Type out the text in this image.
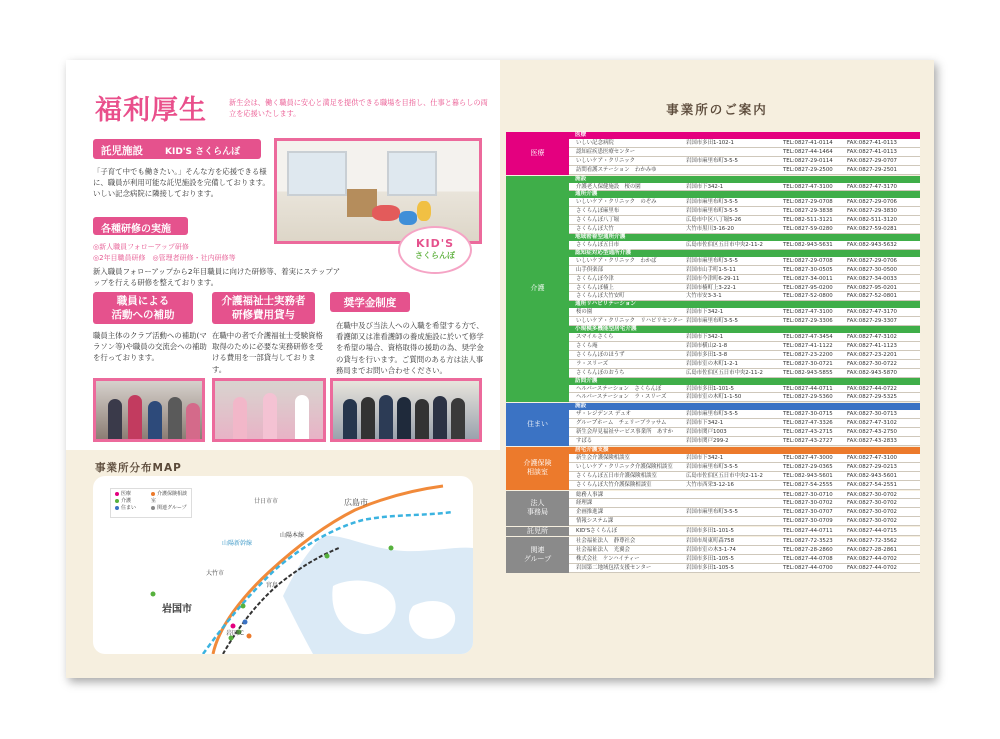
福利厚生	新生会は、働く職員に安心と満足を提供できる職場を目指し、仕事と暮らしの両立を応援いたします。
託児施設 KID'S さくらんぼ
「子育て中でも働きたい。」そんな方を応援できる様に、職員が利用可能な託児施設を完備しております。いしい記念病院に隣接しております。
KID'S
さくらんぼ
各種研修の実施
◎新人職員フォローアップ研修
◎2年目職員研修　◎管理者研修・社内研修等
新入職員フォローアップから2年目職員に向けた研修等、着実にステップアップを行える研修を整えております。
職員による
活動への補助
介護福祉士実務者
研修費用貸与
奨学金制度
職員主体のクラブ活動への補助(マラソン等)や職員の交流会への補助を行っております。
在職中の者で介護福祉士受験資格取得のために必要な実務研修を受ける費用を一部貸与しております。
在職中及び当法人への入職を希望する方で、看護師又は准看護師の養成施設に於いて修学を希望の場合、資格取得の援助の為、奨学金の貸与を行います。ご質問のある方は法人事務局までお問い合わせください。
事業所分布MAP
医療
介護
住まい
介護保険相談室
関連グループ
廿日市市	広島市
大竹市
岩国市
宮島
山陽本線
山陽新幹線
岩国IC
事業所のご案内
医療
医療
いしい記念病院	岩国市多田1-102-1	TEL:0827-41-0114	FAX:0827-41-0113
認知症疾患医療センター	TEL:0827-44-1464	FAX:0827-41-0113
いしいケア・クリニック	岩国市麻里布町3-5-5	TEL:0827-29-0114	FAX:0827-29-0707
訪問看護ステーション　わかみゆ	TEL:0827-29-2500	FAX:0827-29-2501
介護
施設
介護老人保健施設　桜の園	岩国市下342-1	TEL:0827-47-3100	FAX:0827-47-3170
通所介護
いしいケア・クリニック　のぞみ	岩国市麻里布町3-5-5	TEL:0827-29-0708	FAX:0827-29-0706
さくらんぼ麻里布	岩国市麻里布町3-5-5	TEL:0827-29-3838	FAX:0827-29-3830
さくらんぼ八丁堀	広島市中区八丁堀5-26	TEL:082-511-3121	FAX:082-511-3120
さくらんぼ大竹	大竹市黒川3-16-20	TEL:0827-59-0280	FAX:0827-59-0281
地域密着型通所介護
さくらんぼ五日市	広島市佐伯区五日市中央2-11-2	TEL:082-943-5631	FAX:082-943-5632
認知症対応型通所介護
いしいケア・クリニック　わかば	岩国市麻里布町3-5-5	TEL:0827-29-0708	FAX:0827-29-0706
山手倶楽部	岩国市山手町1-5-11	TEL:0827-30-0505	FAX:0827-30-0500
さくらんぼ今津	岩国市今津町6-29-11	TEL:0827-34-0011	FAX:0827-34-0033
さくらんぼ楠上	岩国市楠町上3-22-1	TEL:0827-95-0200	FAX:0827-95-0201
さくらんぼ大竹安町	大竹市安3-3-1	TEL:0827-52-0800	FAX:0827-52-0801
通所リハビリテーション
桜の園	岩国市下342-1	TEL:0827-47-3100	FAX:0827-47-3170
いしいケア・クリニック　リハビリセンター 岩国市麻里布町3-5-5	TEL:0827-29-3306	FAX:0827-29-3307
小規模多機能型居宅介護
スマイルさくら	岩国市下342-1	TEL:0827-47-3454	FAX:0827-47-3102
さくら庵	岩国市横山2-1-8	TEL:0827-41-1122	FAX:0827-41-1123
さくらんぼのほうず	岩国市多田1-3-8	TEL:0827-23-2200	FAX:0827-23-2201
ラ・スリーズ	岩国市室の木町1-2-1	TEL:0827-30-0721	FAX:0827-30-0722
さくらんぼのおうち	広島市佐伯区五日市中央2-11-2	TEL:082-943-5855	FAX:082-943-5870
訪問介護
ヘルパーステーション　さくらんぼ	岩国市多田1-101-5	TEL:0827-44-0711	FAX:0827-44-0722
ヘルパーステーション　ラ・スリーズ	岩国市室の木町1-1-50	TEL:0827-29-5360	FAX:0827-29-5325
住まい
施設
ザ・レジデンス デュオ	岩国市麻里布町3-5-5	TEL:0827-30-0715	FAX:0827-30-0713
グループホーム　チェリーブラッサム	岩国市下342-1	TEL:0827-47-3326	FAX:0827-47-3102
新生会岸見福祉サービス事業所　あすか	岩国市関戸1003	TEL:0827-43-2715	FAX:0827-43-2750
すばる	岩国市関戸299-2	TEL:0827-43-2727	FAX:0827-43-2833
介護保険
相談室
居宅介護支援
新生会介護保険相談室	岩国市下342-1	TEL:0827-47-3000	FAX:0827-47-3100
いしいケア・クリニック介護保険相談室	岩国市麻里布町3-5-5	TEL:0827-29-0365	FAX:0827-29-0213
さくらんぼ五日市介護保険相談室	広島市佐伯区五日市中央2-11-2	TEL:082-943-5601	FAX:082-943-5601
さくらんぼ大竹介護保険相談室	大竹市西栄3-12-16	TEL:0827-54-2555	FAX:0827-54-2551
法人
事務局
総務人事課	TEL:0827-30-0710	FAX:0827-30-0702
経理課	TEL:0827-30-0702	FAX:0827-30-0702
企画推進課	岩国市麻里布町3-5-5	TEL:0827-30-0707	FAX:0827-30-0702
情報システム課	TEL:0827-30-0709	FAX:0827-30-0702
託児所	KID'Sさくらんぼ	岩国市多田1-101-5	TEL:0827-44-0711	FAX:0827-44-0715
関連
グループ
社会福祉法人　静尊社会	岩国市周東町森758	TEL:0827-72-3523	FAX:0827-72-3562
社会福祉法人　光翼会	岩国市室の木3-1-74	TEL:0827-28-2860	FAX:0827-28-2861
株式会社　ケンハイティー	岩国市多田1-105-5	TEL:0827-44-0708	FAX:0827-44-0702
岩国第二地域包括支援センター	岩国市多田1-105-5	TEL:0827-44-0700	FAX:0827-44-0702
